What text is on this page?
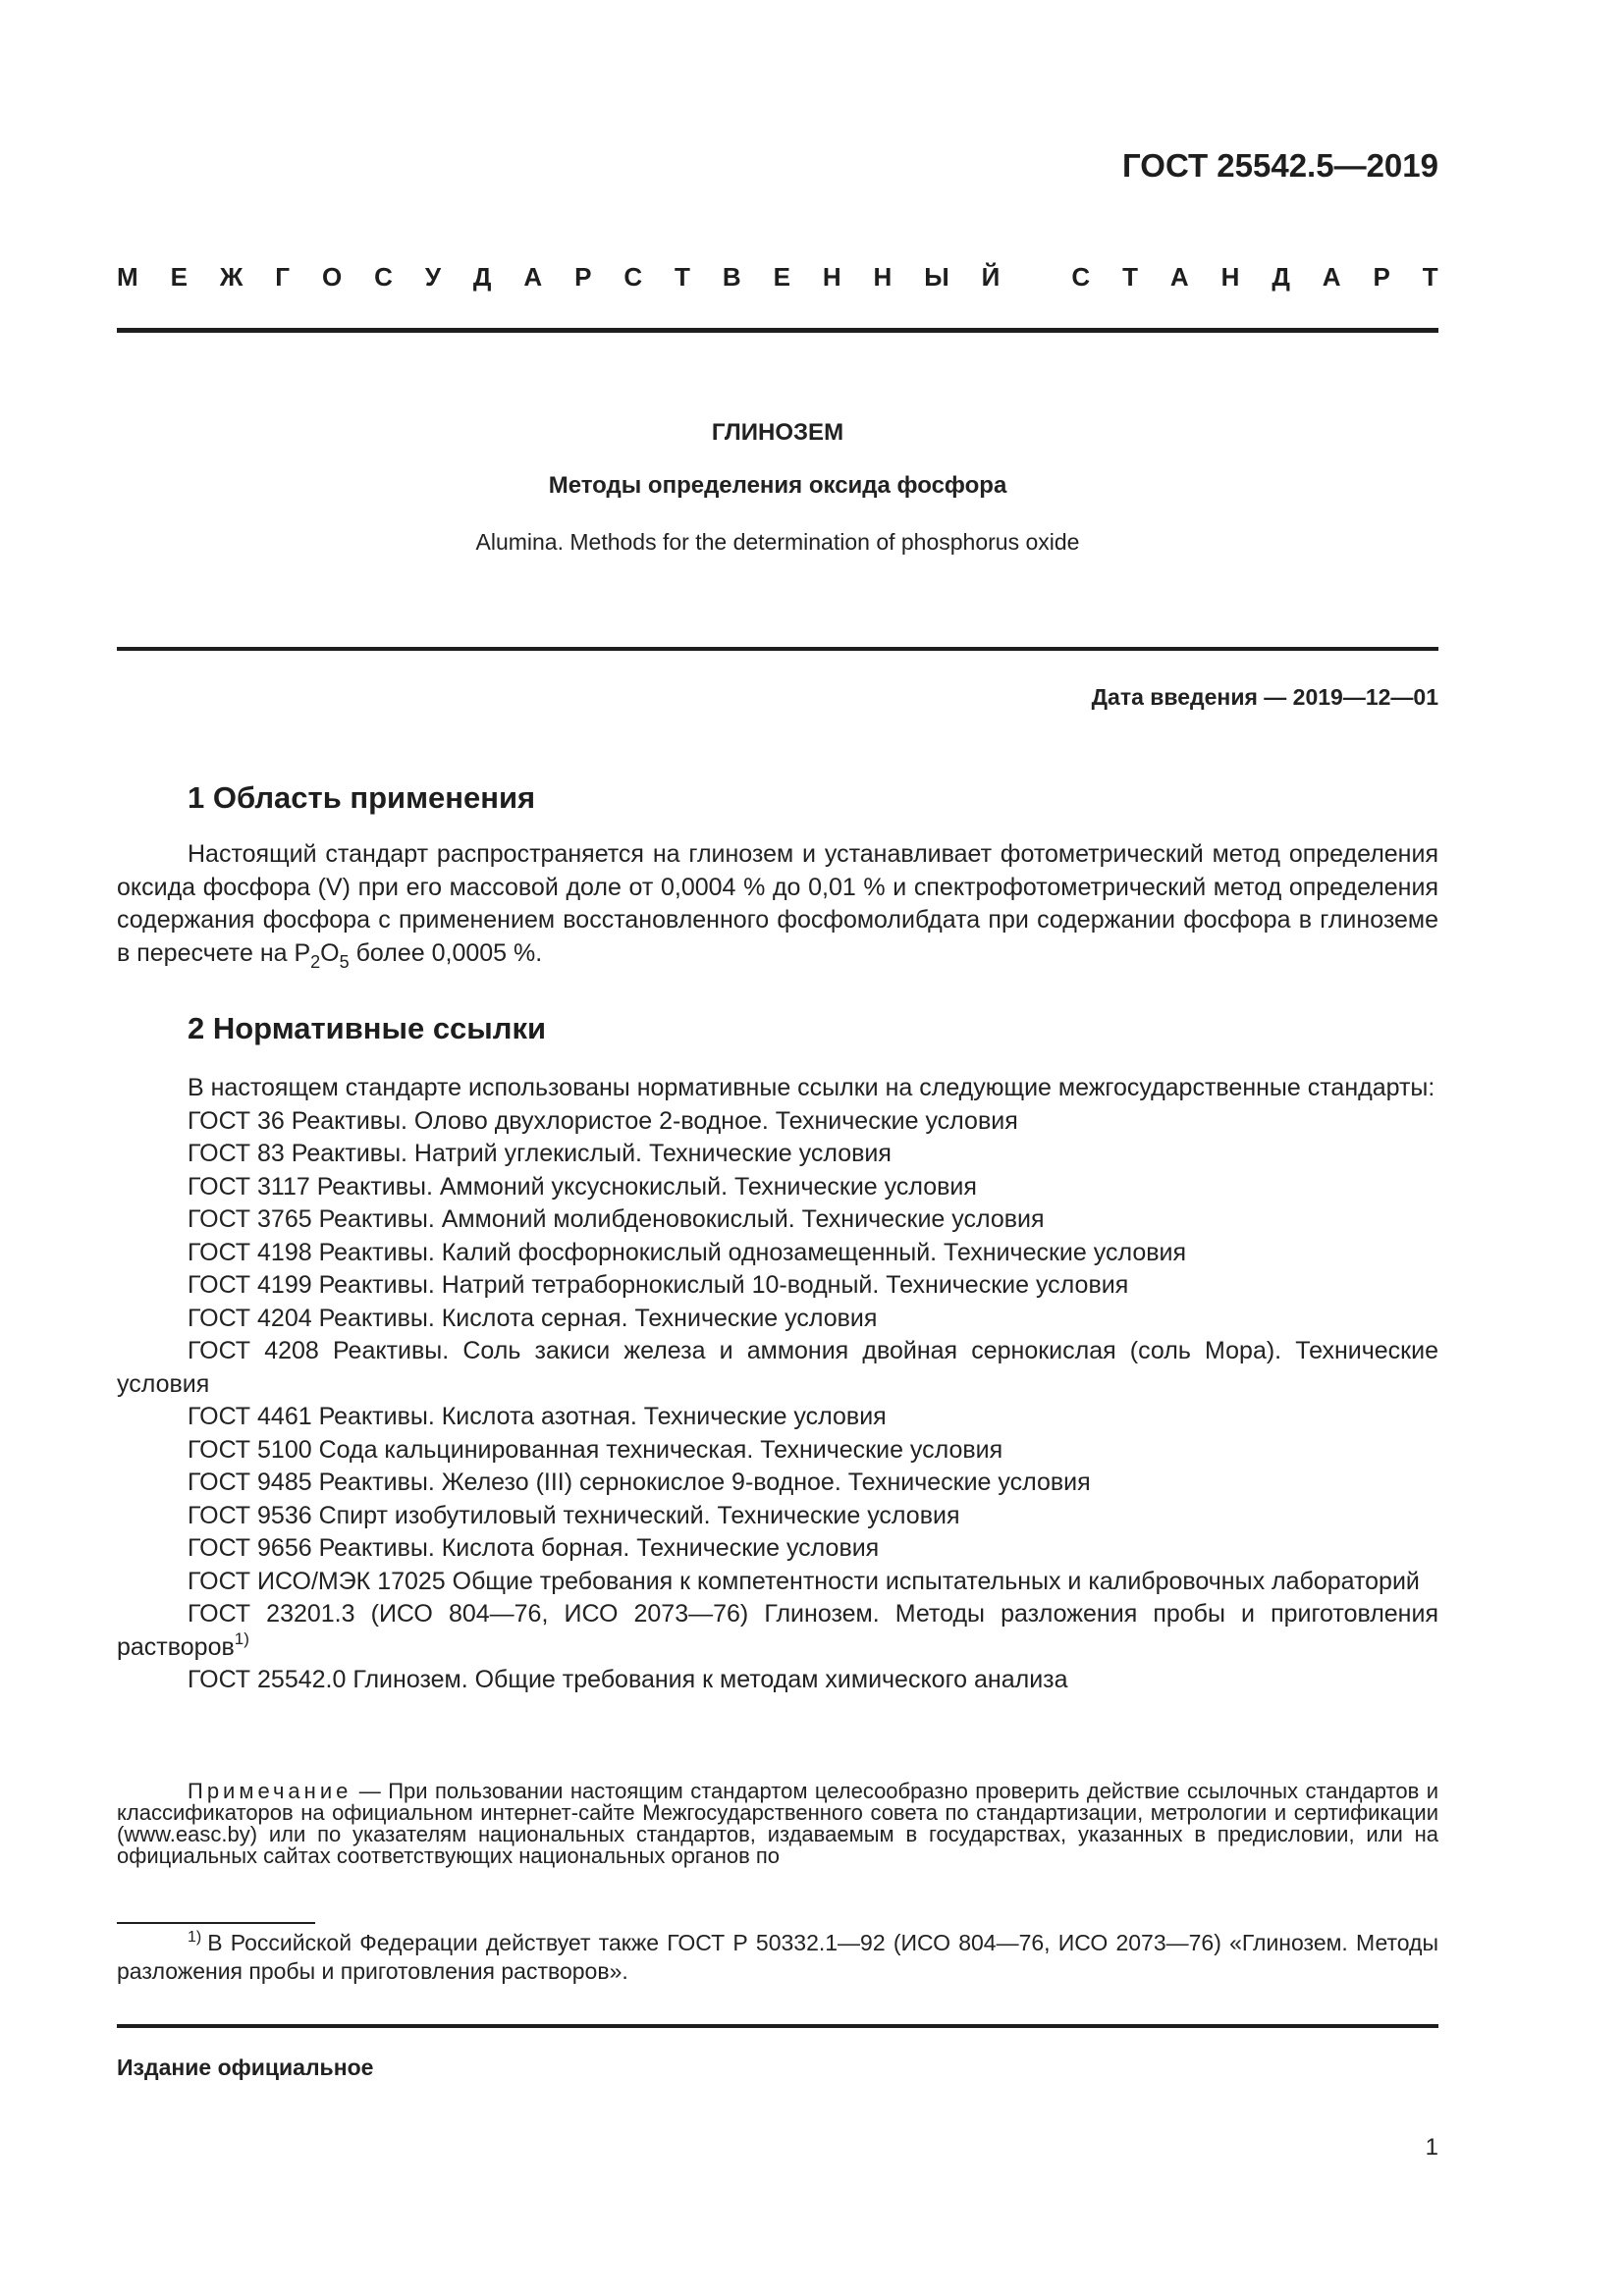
ГОСТ 25542.5—2019
М Е Ж Г О С У Д А Р С Т В Е Н Н Ы Й
	С Т А Н Д А Р Т
ГЛИНОЗЕМ
Методы определения оксида фосфора
Alumina. Methods for the determination of phosphorus oxide
Дата введения — 2019—12—01
1 Область применения

Настоящий стандарт распространяется на глинозем и устанавливает фотометрический метод определения оксида фосфора (V) при его массовой доле от 0,0004 % до 0,01 % и спектрофотометрический метод определения содержания фосфора с применением восстановленного фосфомолибдата при содержании фосфора в глиноземе в пересчете на $P_2O_5$ более 0,0005 %.

2 Нормативные ссылки

В настоящем стандарте использованы нормативные ссылки на следующие межгосударственные стандарты:

ГОСТ 36 Реактивы. Олово двухлористое 2-водное. Технические условия

ГОСТ 83 Реактивы. Натрий углекислый. Технические условия

ГОСТ 3117 Реактивы. Аммоний уксуснокислый. Технические условия

ГОСТ 3765 Реактивы. Аммоний молибденовокислый. Технические условия

ГОСТ 4198 Реактивы. Калий фосфорнокислый однозамещенный. Технические условия

ГОСТ 4199 Реактивы. Натрий тетраборнокислый 10-водный. Технические условия

ГОСТ 4204 Реактивы. Кислота серная. Технические условия

ГОСТ 4208 Реактивы. Соль закиси железа и аммония двойная сернокислая (соль Мора). Технические условия

ГОСТ 4461 Реактивы. Кислота азотная. Технические условия

ГОСТ 5100 Сода кальцинированная техническая. Технические условия

ГОСТ 9485 Реактивы. Железо (III) сернокислое 9-водное. Технические условия

ГОСТ 9536 Спирт изобутиловый технический. Технические условия

ГОСТ 9656 Реактивы. Кислота борная. Технические условия

ГОСТ ИСО/МЭК 17025 Общие требования к компетентности испытательных и калибровочных лабораторий

ГОСТ 23201.3 (ИСО 804—76, ИСО 2073—76) Глинозем. Методы разложения пробы и приготовления растворов$^{1)}$

ГОСТ 25542.0 Глинозем. Общие требования к методам химического анализа

Примечание — При пользовании настоящим стандартом целесообразно проверить действие ссылочных стандартов и классификаторов на официальном интернет-сайте Межгосударственного совета по стандартизации, метрологии и сертификации (www.easc.by) или по указателям национальных стандартов, издаваемым в государствах, указанных в предисловии, или на официальных сайтах соответствующих национальных органов по

$^{1)}$ В Российской Федерации действует также ГОСТ Р 50332.1—92 (ИСО 804—76, ИСО 2073—76) «Глинозем. Методы разложения пробы и приготовления растворов».

Издание официальное
1
